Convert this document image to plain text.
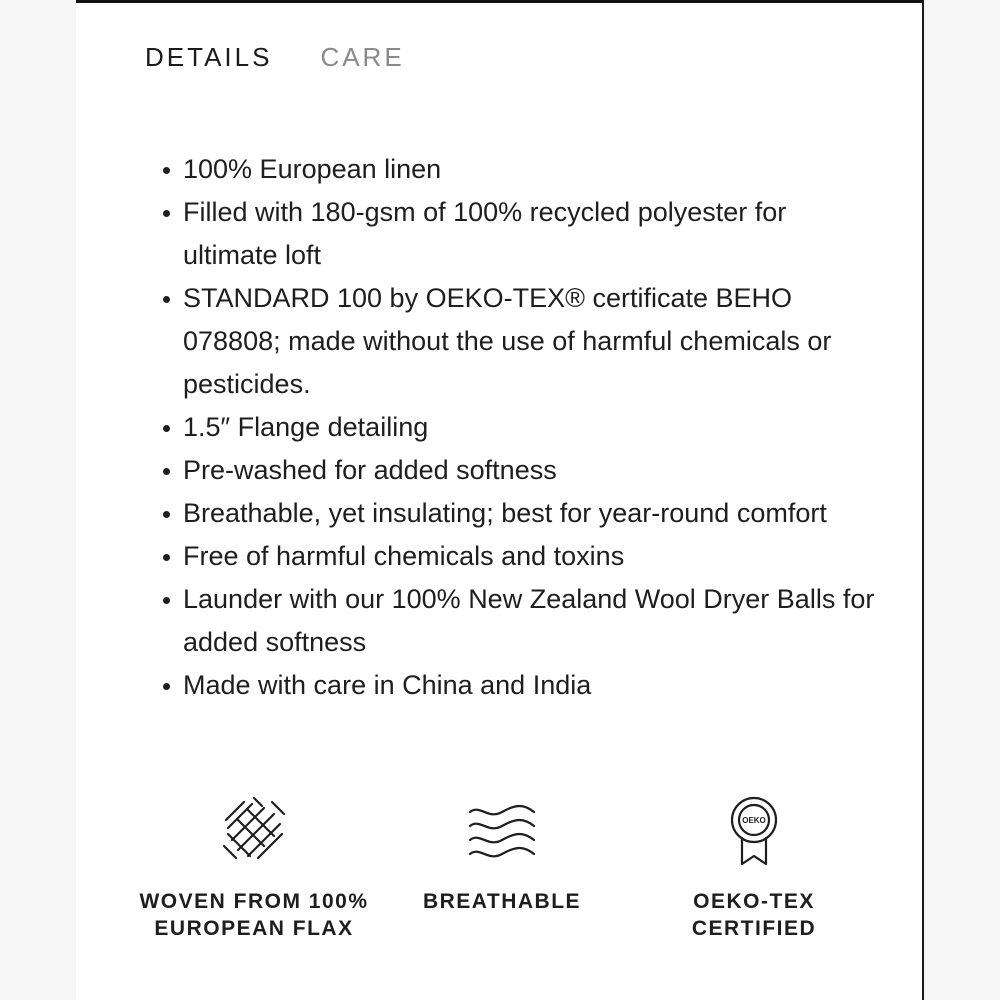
DETAILS CARE
100% European linen
Filled with 180-gsm of 100% recycled polyester for ultimate loft
STANDARD 100 by OEKO-TEX® certificate BEHO 078808; made without the use of harmful chemicals or pesticides.
1.5″ Flange detailing
Pre-washed for added softness
Breathable, yet insulating; best for year-round comfort
Free of harmful chemicals and toxins
Launder with our 100% New Zealand Wool Dryer Balls for added softness
Made with care in China and India
WOVEN FROM 100% EUROPEAN FLAX
BREATHABLE
OEKO
OEKO-TEX CERTIFIED
